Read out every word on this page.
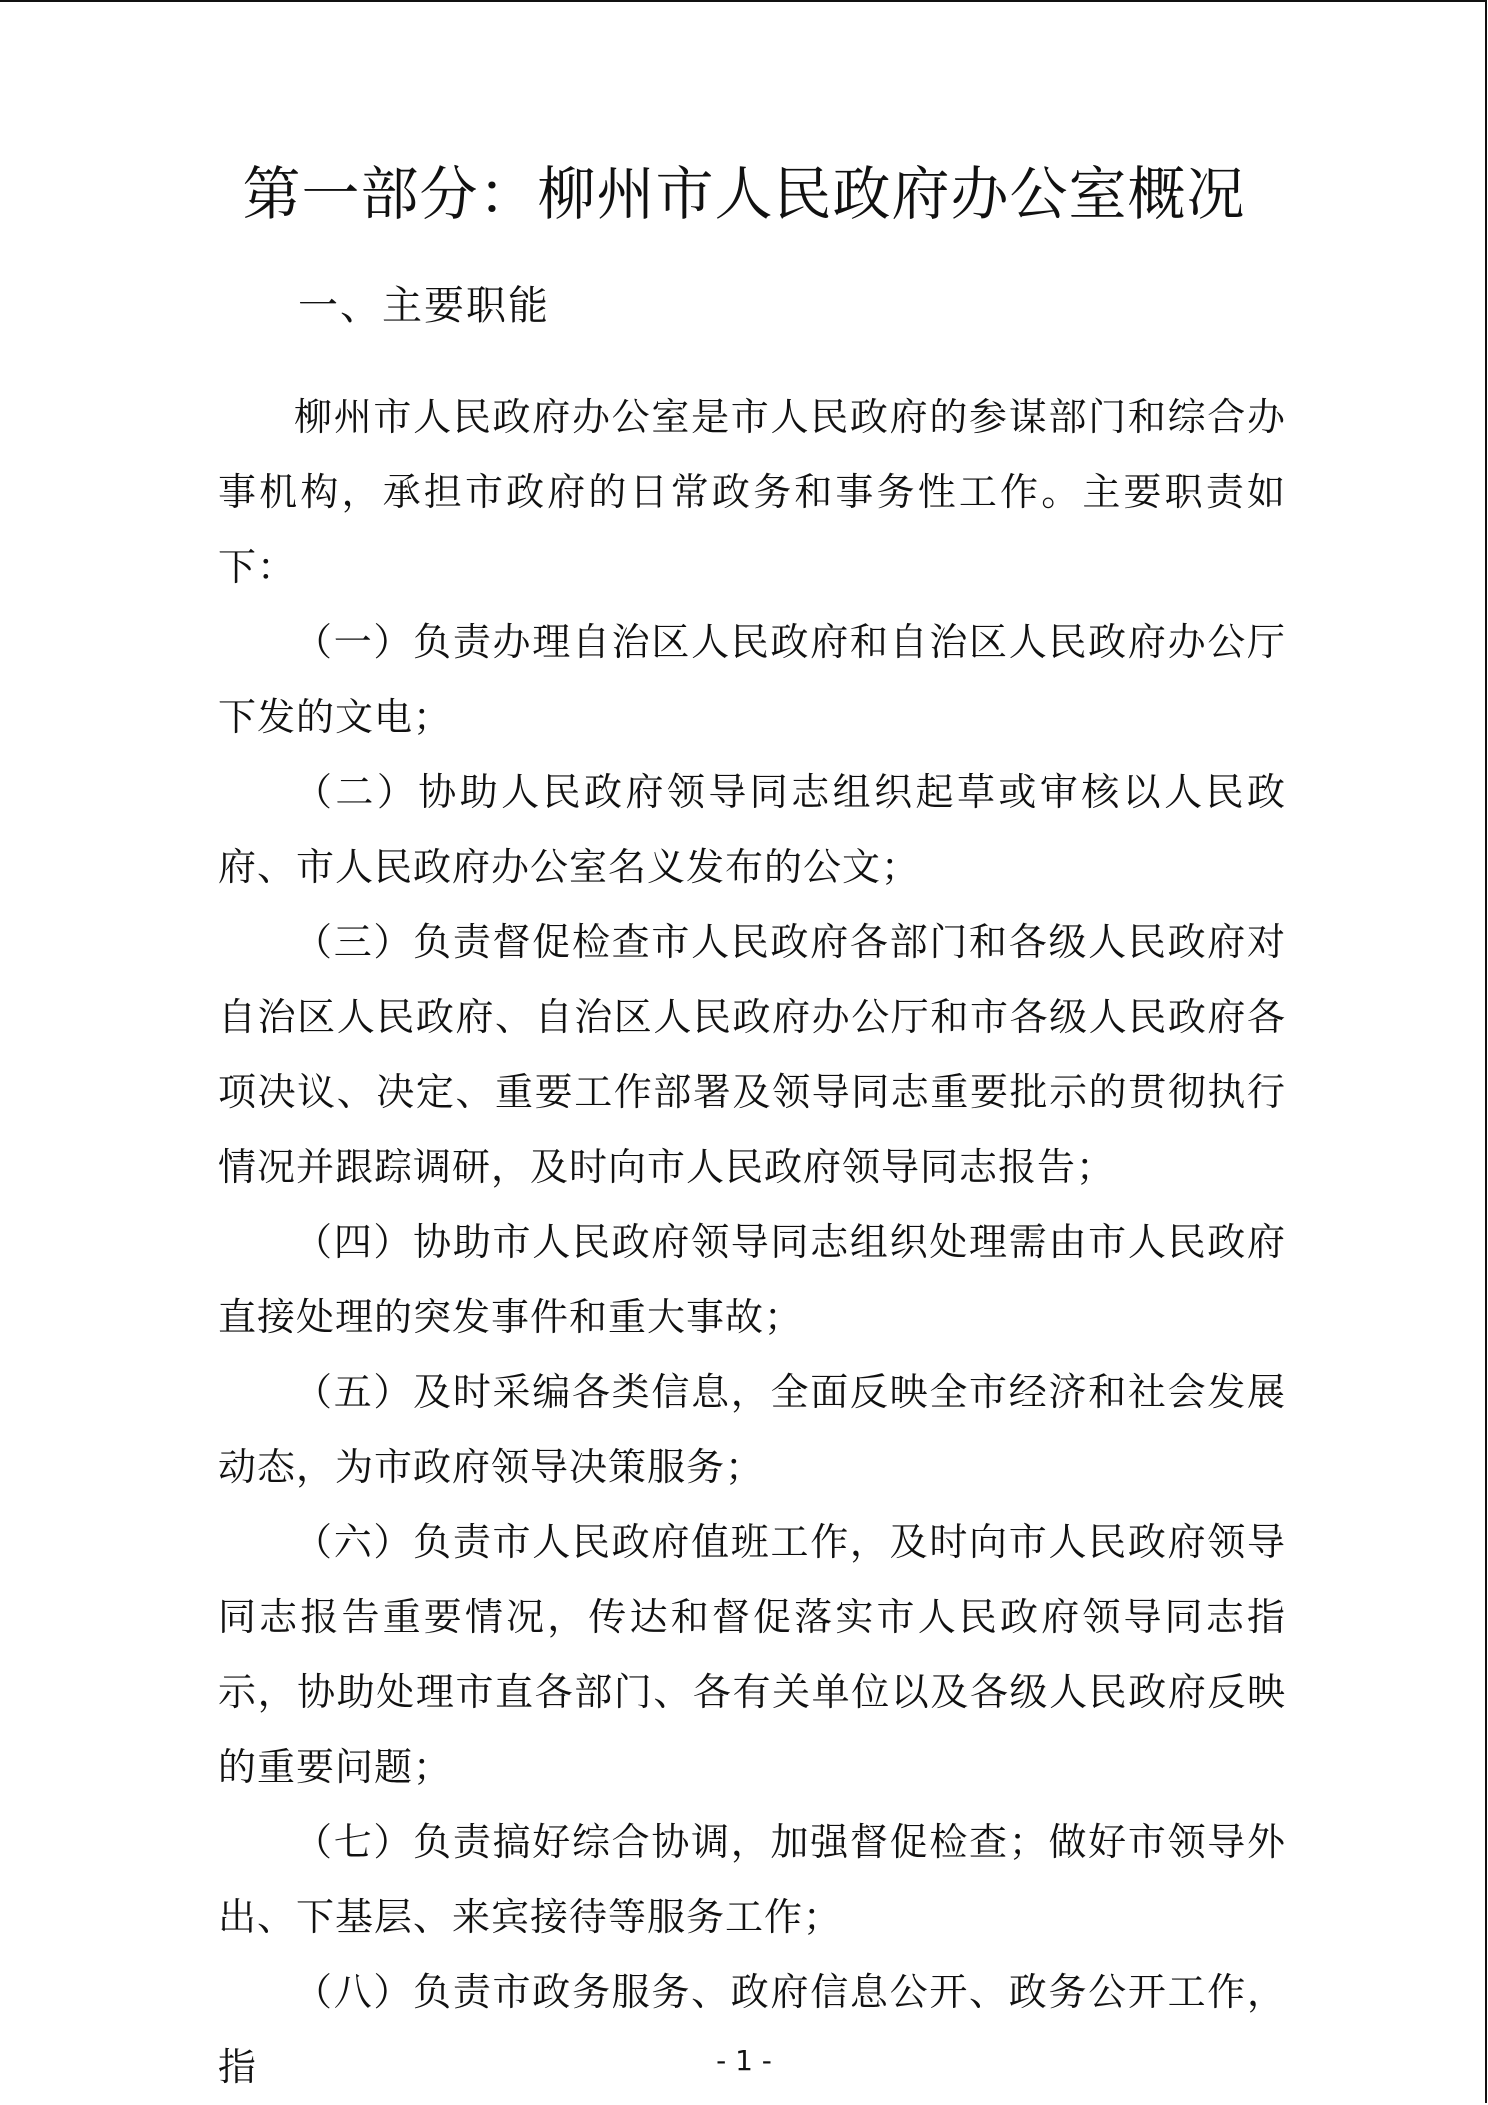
第一部分：柳州市人民政府办公室概况
一、主要职能

柳州市人民政府办公室是市人民政府的参谋部门和综合办事机构，承担市政府的日常政务和事务性工作。主要职责如下：

（一）负责办理自治区人民政府和自治区人民政府办公厅下发的文电；

（二）协助人民政府领导同志组织起草或审核以人民政府、市人民政府办公室名义发布的公文；

（三）负责督促检查市人民政府各部门和各级人民政府对自治区人民政府、自治区人民政府办公厅和市各级人民政府各项决议、决定、重要工作部署及领导同志重要批示的贯彻执行情况并跟踪调研，及时向市人民政府领导同志报告；

（四）协助市人民政府领导同志组织处理需由市人民政府直接处理的突发事件和重大事故；

（五）及时采编各类信息，全面反映全市经济和社会发展动态，为市政府领导决策服务；

（六）负责市人民政府值班工作，及时向市人民政府领导同志报告重要情况，传达和督促落实市人民政府领导同志指示，协助处理市直各部门、各有关单位以及各级人民政府反映的重要问题；

（七）负责搞好综合协调，加强督促检查；做好市领导外出、下基层、来宾接待等服务工作；

（八）负责市政务服务、政府信息公开、政务公开工作，指	- 1 -
